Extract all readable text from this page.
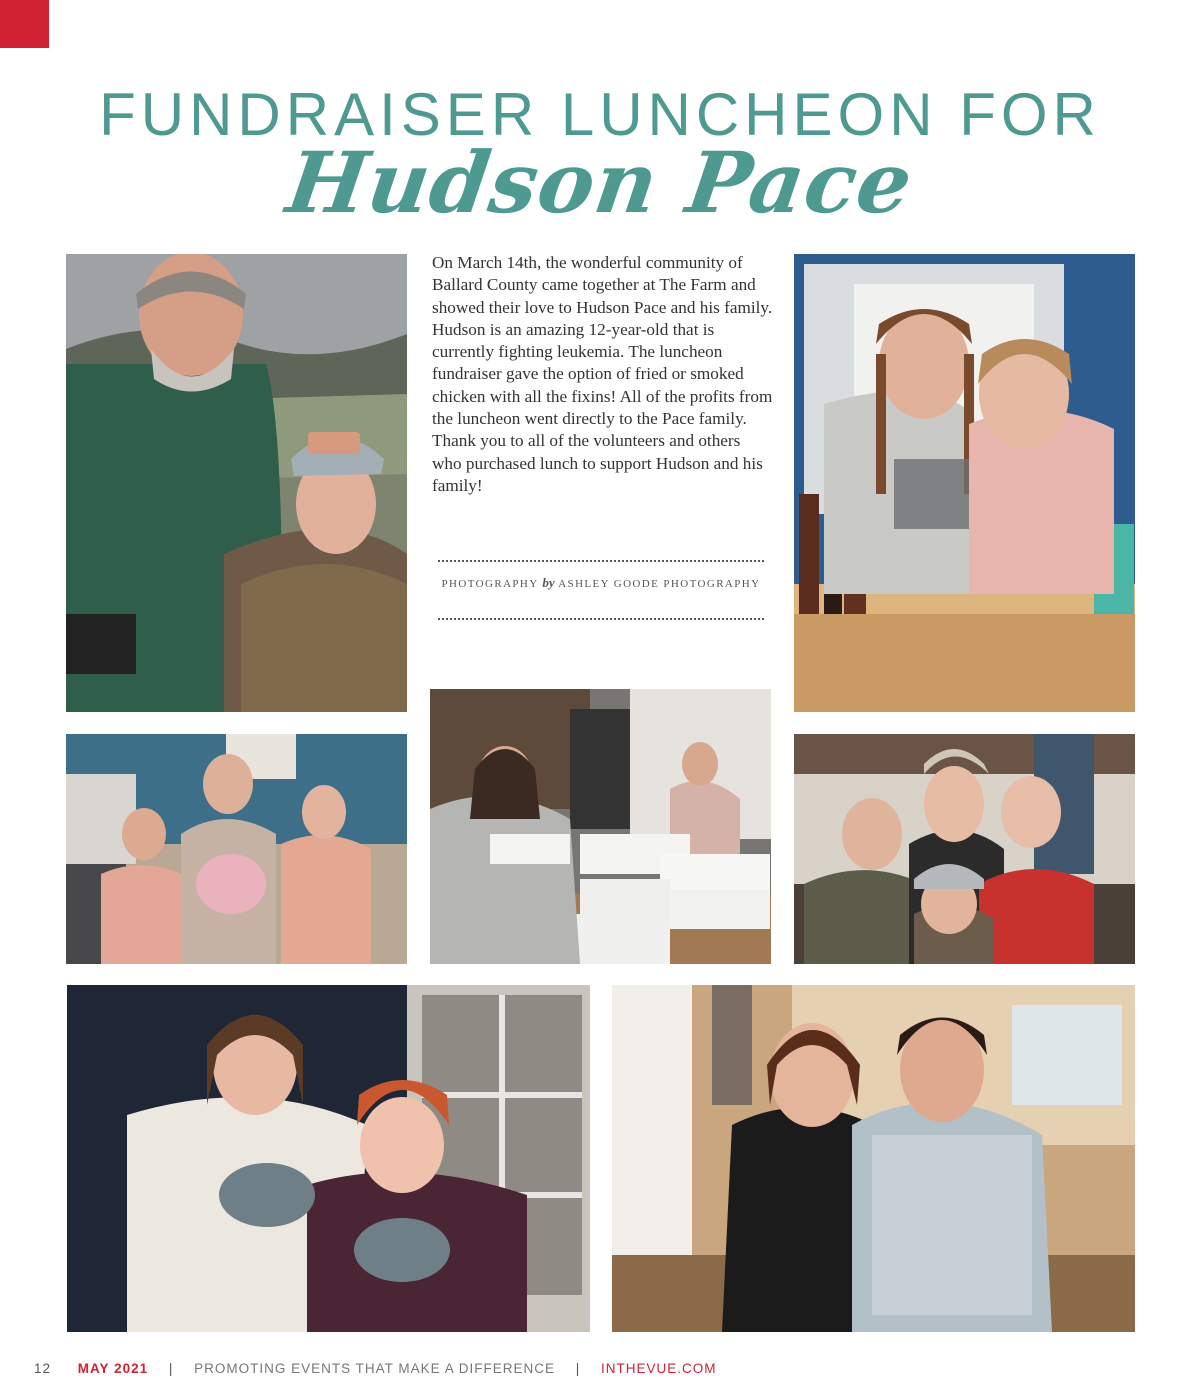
FUNDRAISER LUNCHEON FOR
Hudson Pace

On March 14th, the wonderful community of Ballard County came together at The Farm and showed their love to Hudson Pace and his family. Hudson is an amazing 12-year-old that is currently fighting leukemia. The luncheon fundraiser gave the option of fried or smoked chicken with all the fixins! All of the profits from the luncheon went directly to the Pace family. Thank you to all of the volunteers and others who purchased lunch to support Hudson and his family!

PHOTOGRAPHY by ASHLEY GOODE PHOTOGRAPHY
12 MAY 2021 | PROMOTING EVENTS THAT MAKE A DIFFERENCE | INTHEVUE.COM
